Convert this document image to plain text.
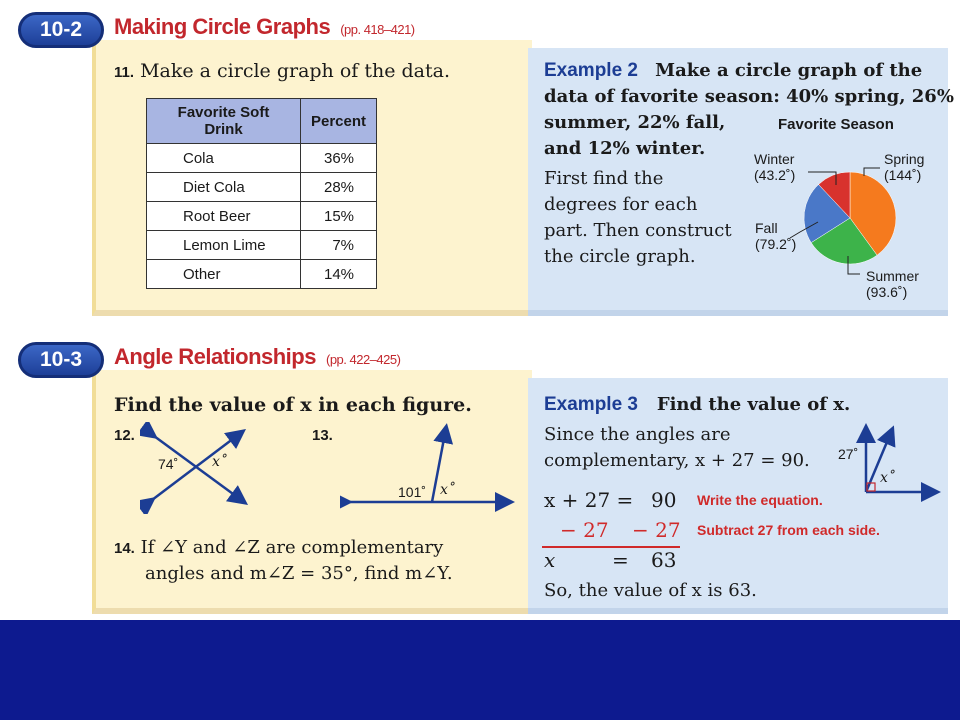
10-2	Making Circle Graphs (pp. 418–421)
11. Make a circle graph of the data.
Favorite Soft Drink	Percent
Cola	36%
Diet Cola	28%
Root Beer	15%
Lemon Lime	7%
Other	14%
Example 2 Make a circle graph of the
data of favorite season: 40% spring, 26%
summer, 22% fall,
and 12% winter.
First find the
degrees for each
part. Then construct
the circle graph.
Favorite Season
Winter
(43.2˚)
Spring
(144˚)
Fall
(79.2˚)
Summer
(93.6˚)
10-3	Angle Relationships (pp. 422–425)
Find the value of x in each figure.
12.
74˚ x˚
13.
101˚ x˚
14. If ∠Y and ∠Z are complementary
angles and m∠Z = 35°, find m∠Y.
Example 3 Find the value of x.
Since the angles are
complementary, x + 27 = 90. 27˚
x˚
x + 27 = 90 Write the equation.
− 27 − 27 Subtract 27 from each side.
x	= 63
So, the value of x is 63.
